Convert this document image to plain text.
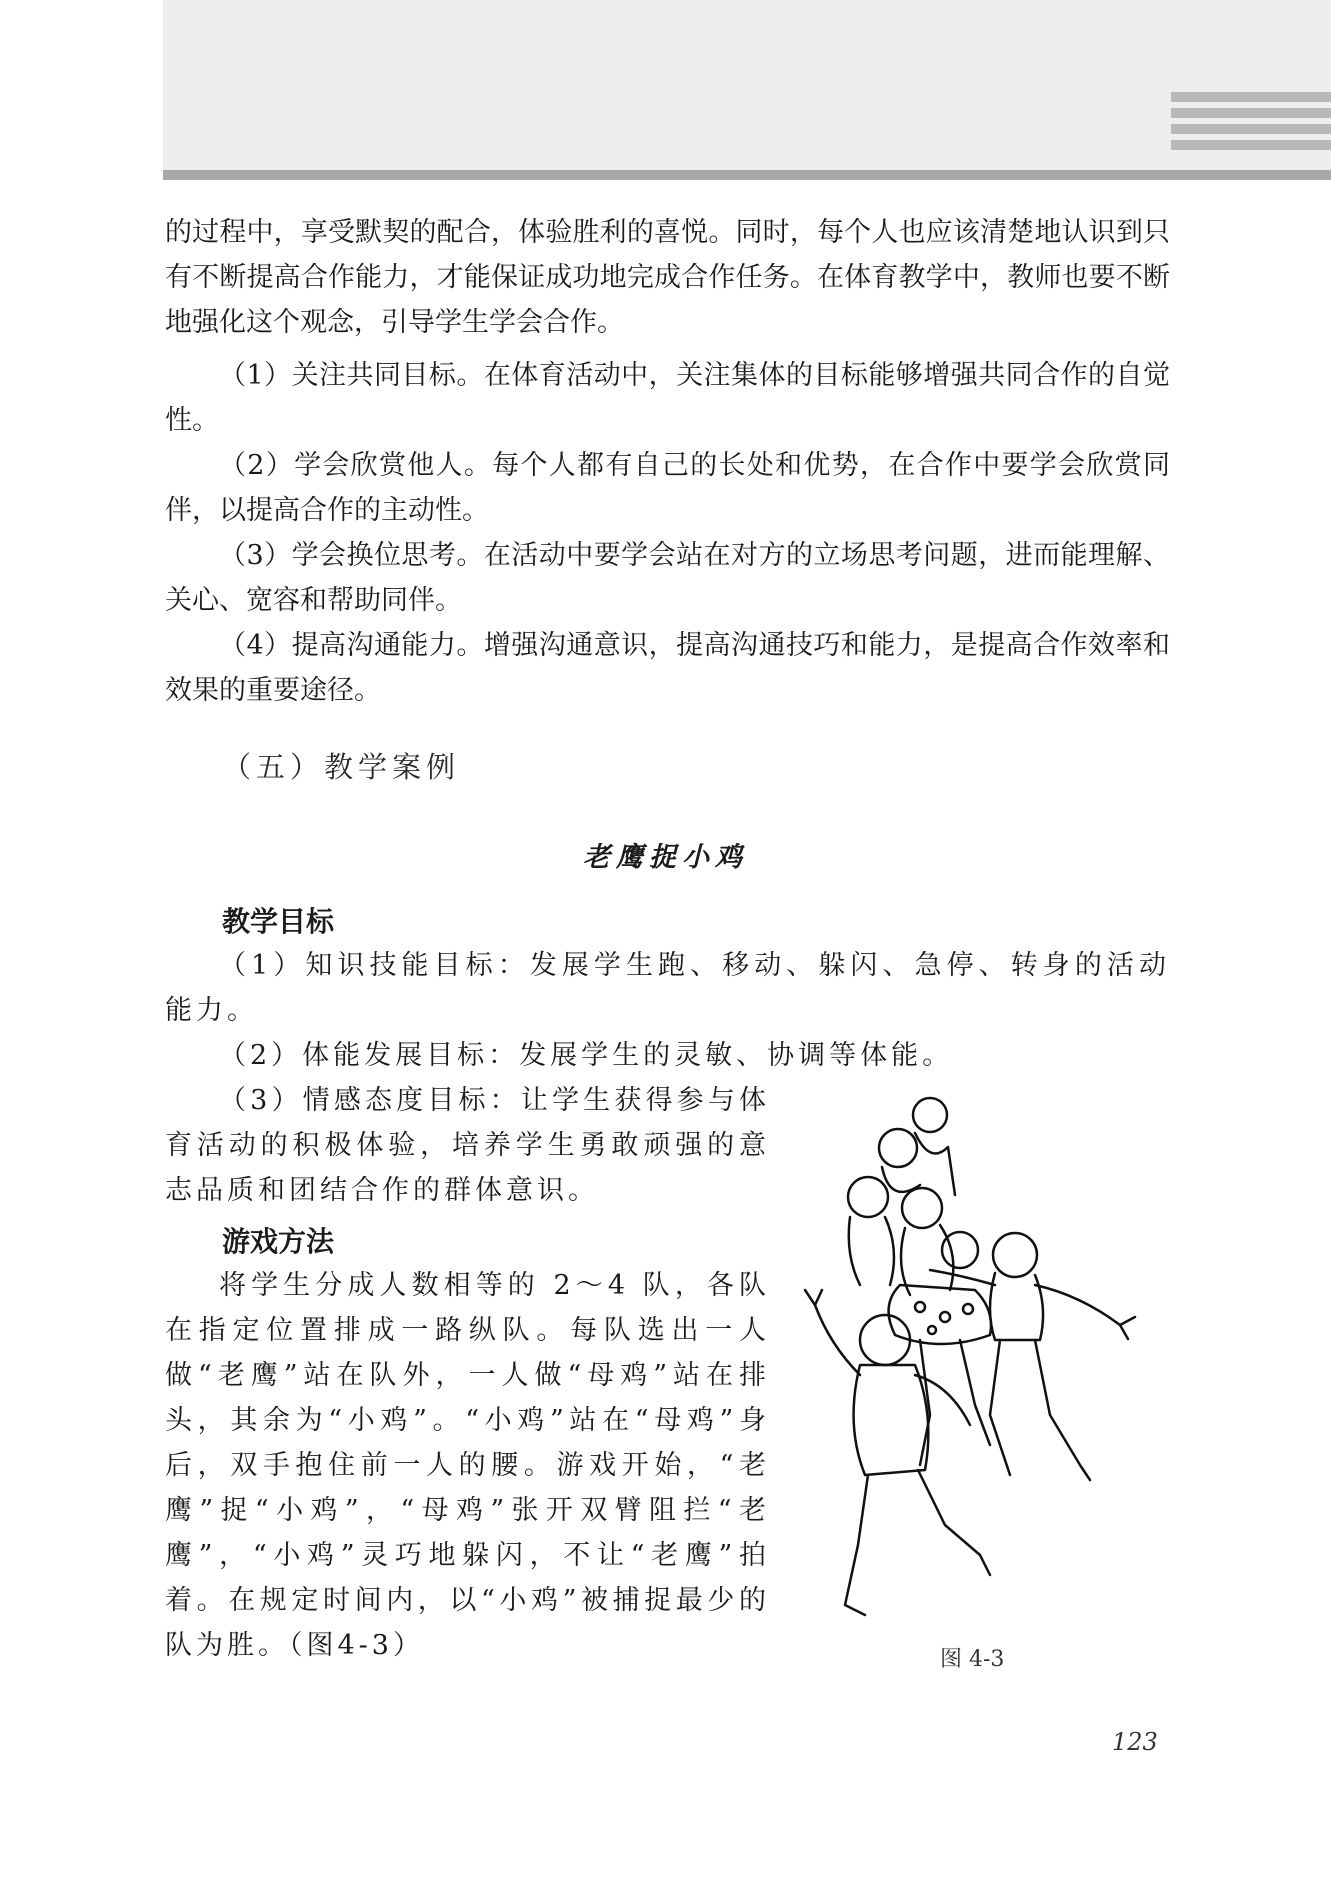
的过程中，享受默契的配合，体验胜利的喜悦。同时，每个人也应该清楚地认识到只有不断提高合作能力，才能保证成功地完成合作任务。在体育教学中，教师也要不断地强化这个观念，引导学生学会合作。

（1）关注共同目标。在体育活动中，关注集体的目标能够增强共同合作的自觉性。

（2）学会欣赏他人。每个人都有自己的长处和优势，在合作中要学会欣赏同伴，以提高合作的主动性。

（3）学会换位思考。在活动中要学会站在对方的立场思考问题，进而能理解、关心、宽容和帮助同伴。

（4）提高沟通能力。增强沟通意识，提高沟通技巧和能力，是提高合作效率和效果的重要途径。

（五）教学案例

老鹰捉小鸡

教学目标

（1）知识技能目标：发展学生跑、移动、躲闪、急停、转身的活动能力。

（2）体能发展目标：发展学生的灵敏、协调等体能。

（3）情感态度目标：让学生获得参与体育活动的积极体验，培养学生勇敢顽强的意志品质和团结合作的群体意识。

游戏方法

将学生分成人数相等的 2～4 队，各队在指定位置排成一路纵队。每队选出一人做“老鹰”站在队外，一人做“母鸡”站在排头，其余为“小鸡”。“小鸡”站在“母鸡”身后，双手抱住前一人的腰。游戏开始，“老鹰”捉“小鸡”，“母鸡”张开双臂阻拦“老鹰”，“小鸡”灵巧地躲闪，不让“老鹰”拍着。在规定时间内，以“小鸡”被捕捉最少的队为胜。（图4-3）	图 4-3

123
